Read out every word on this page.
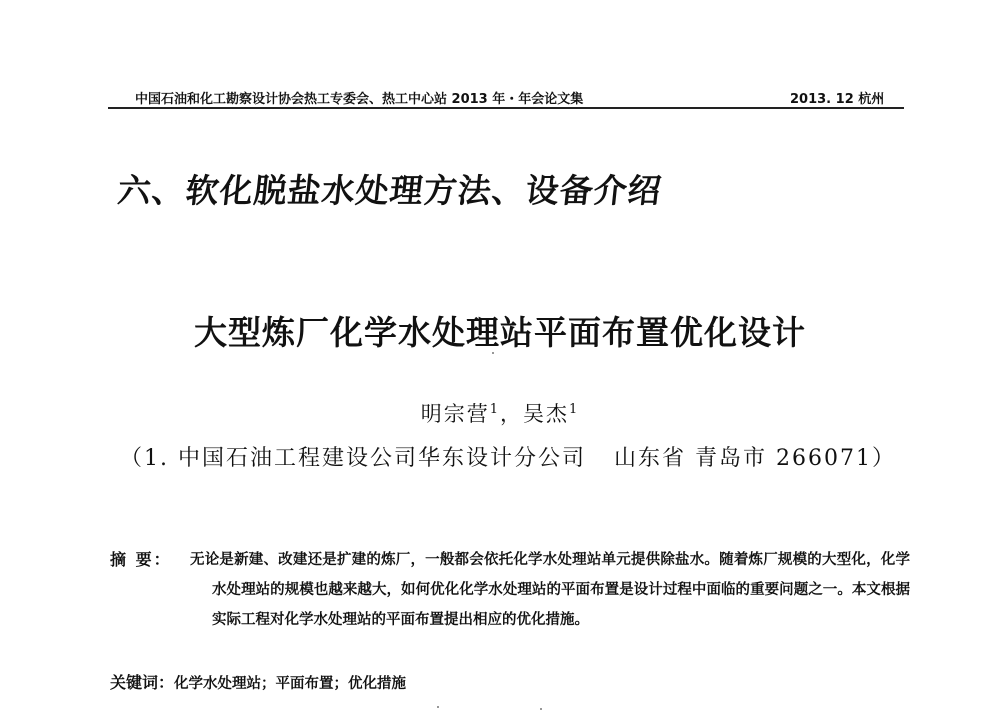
中国石油和化工勘察设计协会热工专委会、热工中心站 2013 年・年会论文集	2013. 12 杭州
六、软化脱盐水处理方法、设备介绍
大型炼厂化学水处理站平面布置优化设计
明宗营$^1$，吴杰$^1$
（1. 中国石油工程建设公司华东设计分公司 山东省 青岛市 266071）
摘 要： 无论是新建、改建还是扩建的炼厂，一般都会依托化学水处理站单元提供除盐水。随着炼厂规模的大型化，化学水处理站的规模也越来越大，如何优化化学水处理站的平面布置是设计过程中面临的重要问题之一。本文根据实际工程对化学水处理站的平面布置提出相应的优化措施。

关键词：化学水处理站；平面布置；优化措施
